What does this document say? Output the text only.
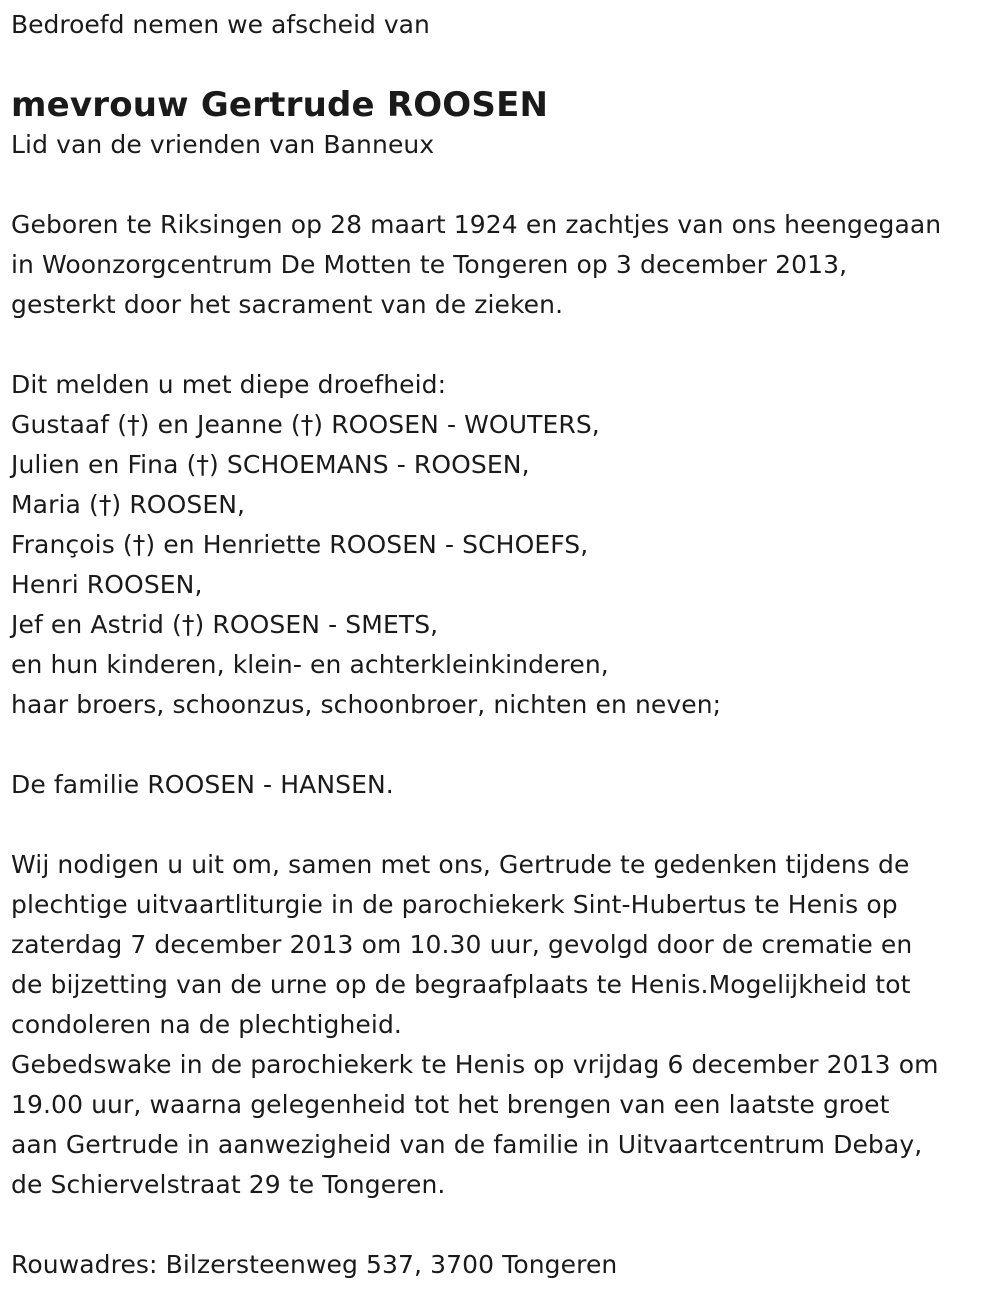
Bedroefd nemen we afscheid van
mevrouw Gertrude ROOSEN
Lid van de vrienden van Banneux
Geboren te Riksingen op 28 maart 1924 en zachtjes van ons heengegaan
in Woonzorgcentrum De Motten te Tongeren op 3 december 2013,
gesterkt door het sacrament van de zieken.
Dit melden u met diepe droefheid:
Gustaaf (†) en Jeanne (†) ROOSEN - WOUTERS,
Julien en Fina (†) SCHOEMANS - ROOSEN,
Maria (†) ROOSEN,
François (†) en Henriette ROOSEN - SCHOEFS,
Henri ROOSEN,
Jef en Astrid (†) ROOSEN - SMETS,
en hun kinderen, klein- en achterkleinkinderen,
haar broers, schoonzus, schoonbroer, nichten en neven;
De familie ROOSEN - HANSEN.
Wij nodigen u uit om, samen met ons, Gertrude te gedenken tijdens de
plechtige uitvaartliturgie in de parochiekerk Sint-Hubertus te Henis op
zaterdag 7 december 2013 om 10.30 uur, gevolgd door de crematie en
de bijzetting van de urne op de begraafplaats te Henis.Mogelijkheid tot
condoleren na de plechtigheid.
Gebedswake in de parochiekerk te Henis op vrijdag 6 december 2013 om
19.00 uur, waarna gelegenheid tot het brengen van een laatste groet
aan Gertrude in aanwezigheid van de familie in Uitvaartcentrum Debay,
de Schiervelstraat 29 te Tongeren.
Rouwadres: Bilzersteenweg 537, 3700 Tongeren
